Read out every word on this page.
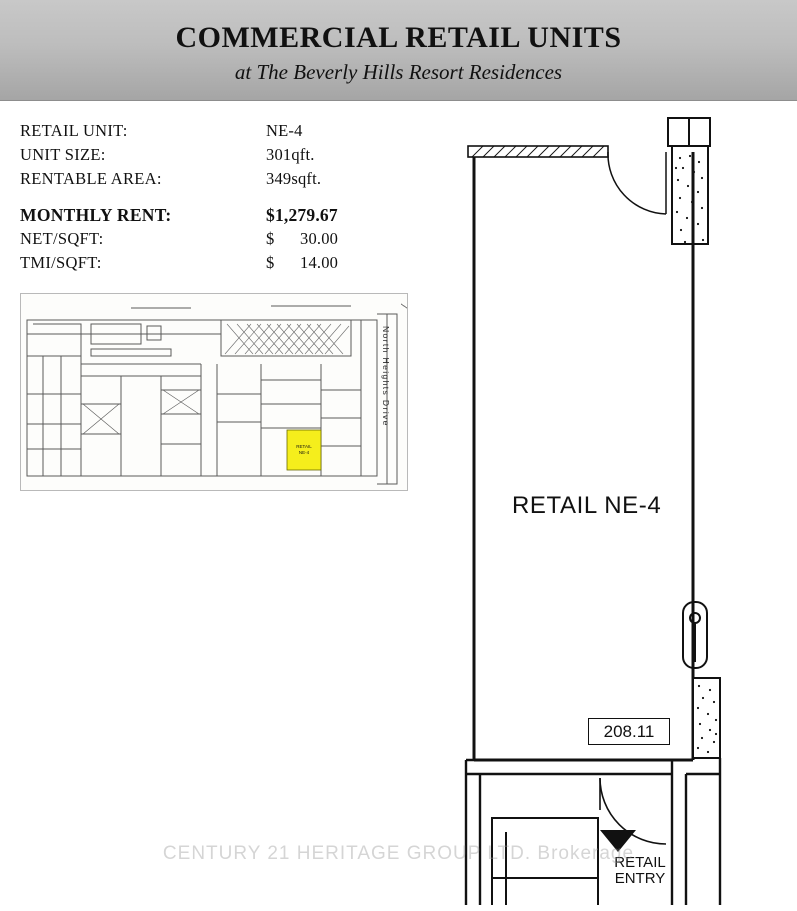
COMMERCIAL RETAIL UNITS
at The Beverly Hills Resort Residences
RETAIL UNIT:	NE-4
UNIT SIZE:	301qft.
RENTABLE AREA:	349sqft.
MONTHLY RENT:	$1,279.67
NET/SQFT:	$ 30.00
TMI/SQFT:	$ 14.00
RETAIL
NE-4
North Heights Drive
RETAIL NE-4
208.11
RETAIL
ENTRY
CENTURY 21 HERITAGE GROUP LTD. Brokerage
